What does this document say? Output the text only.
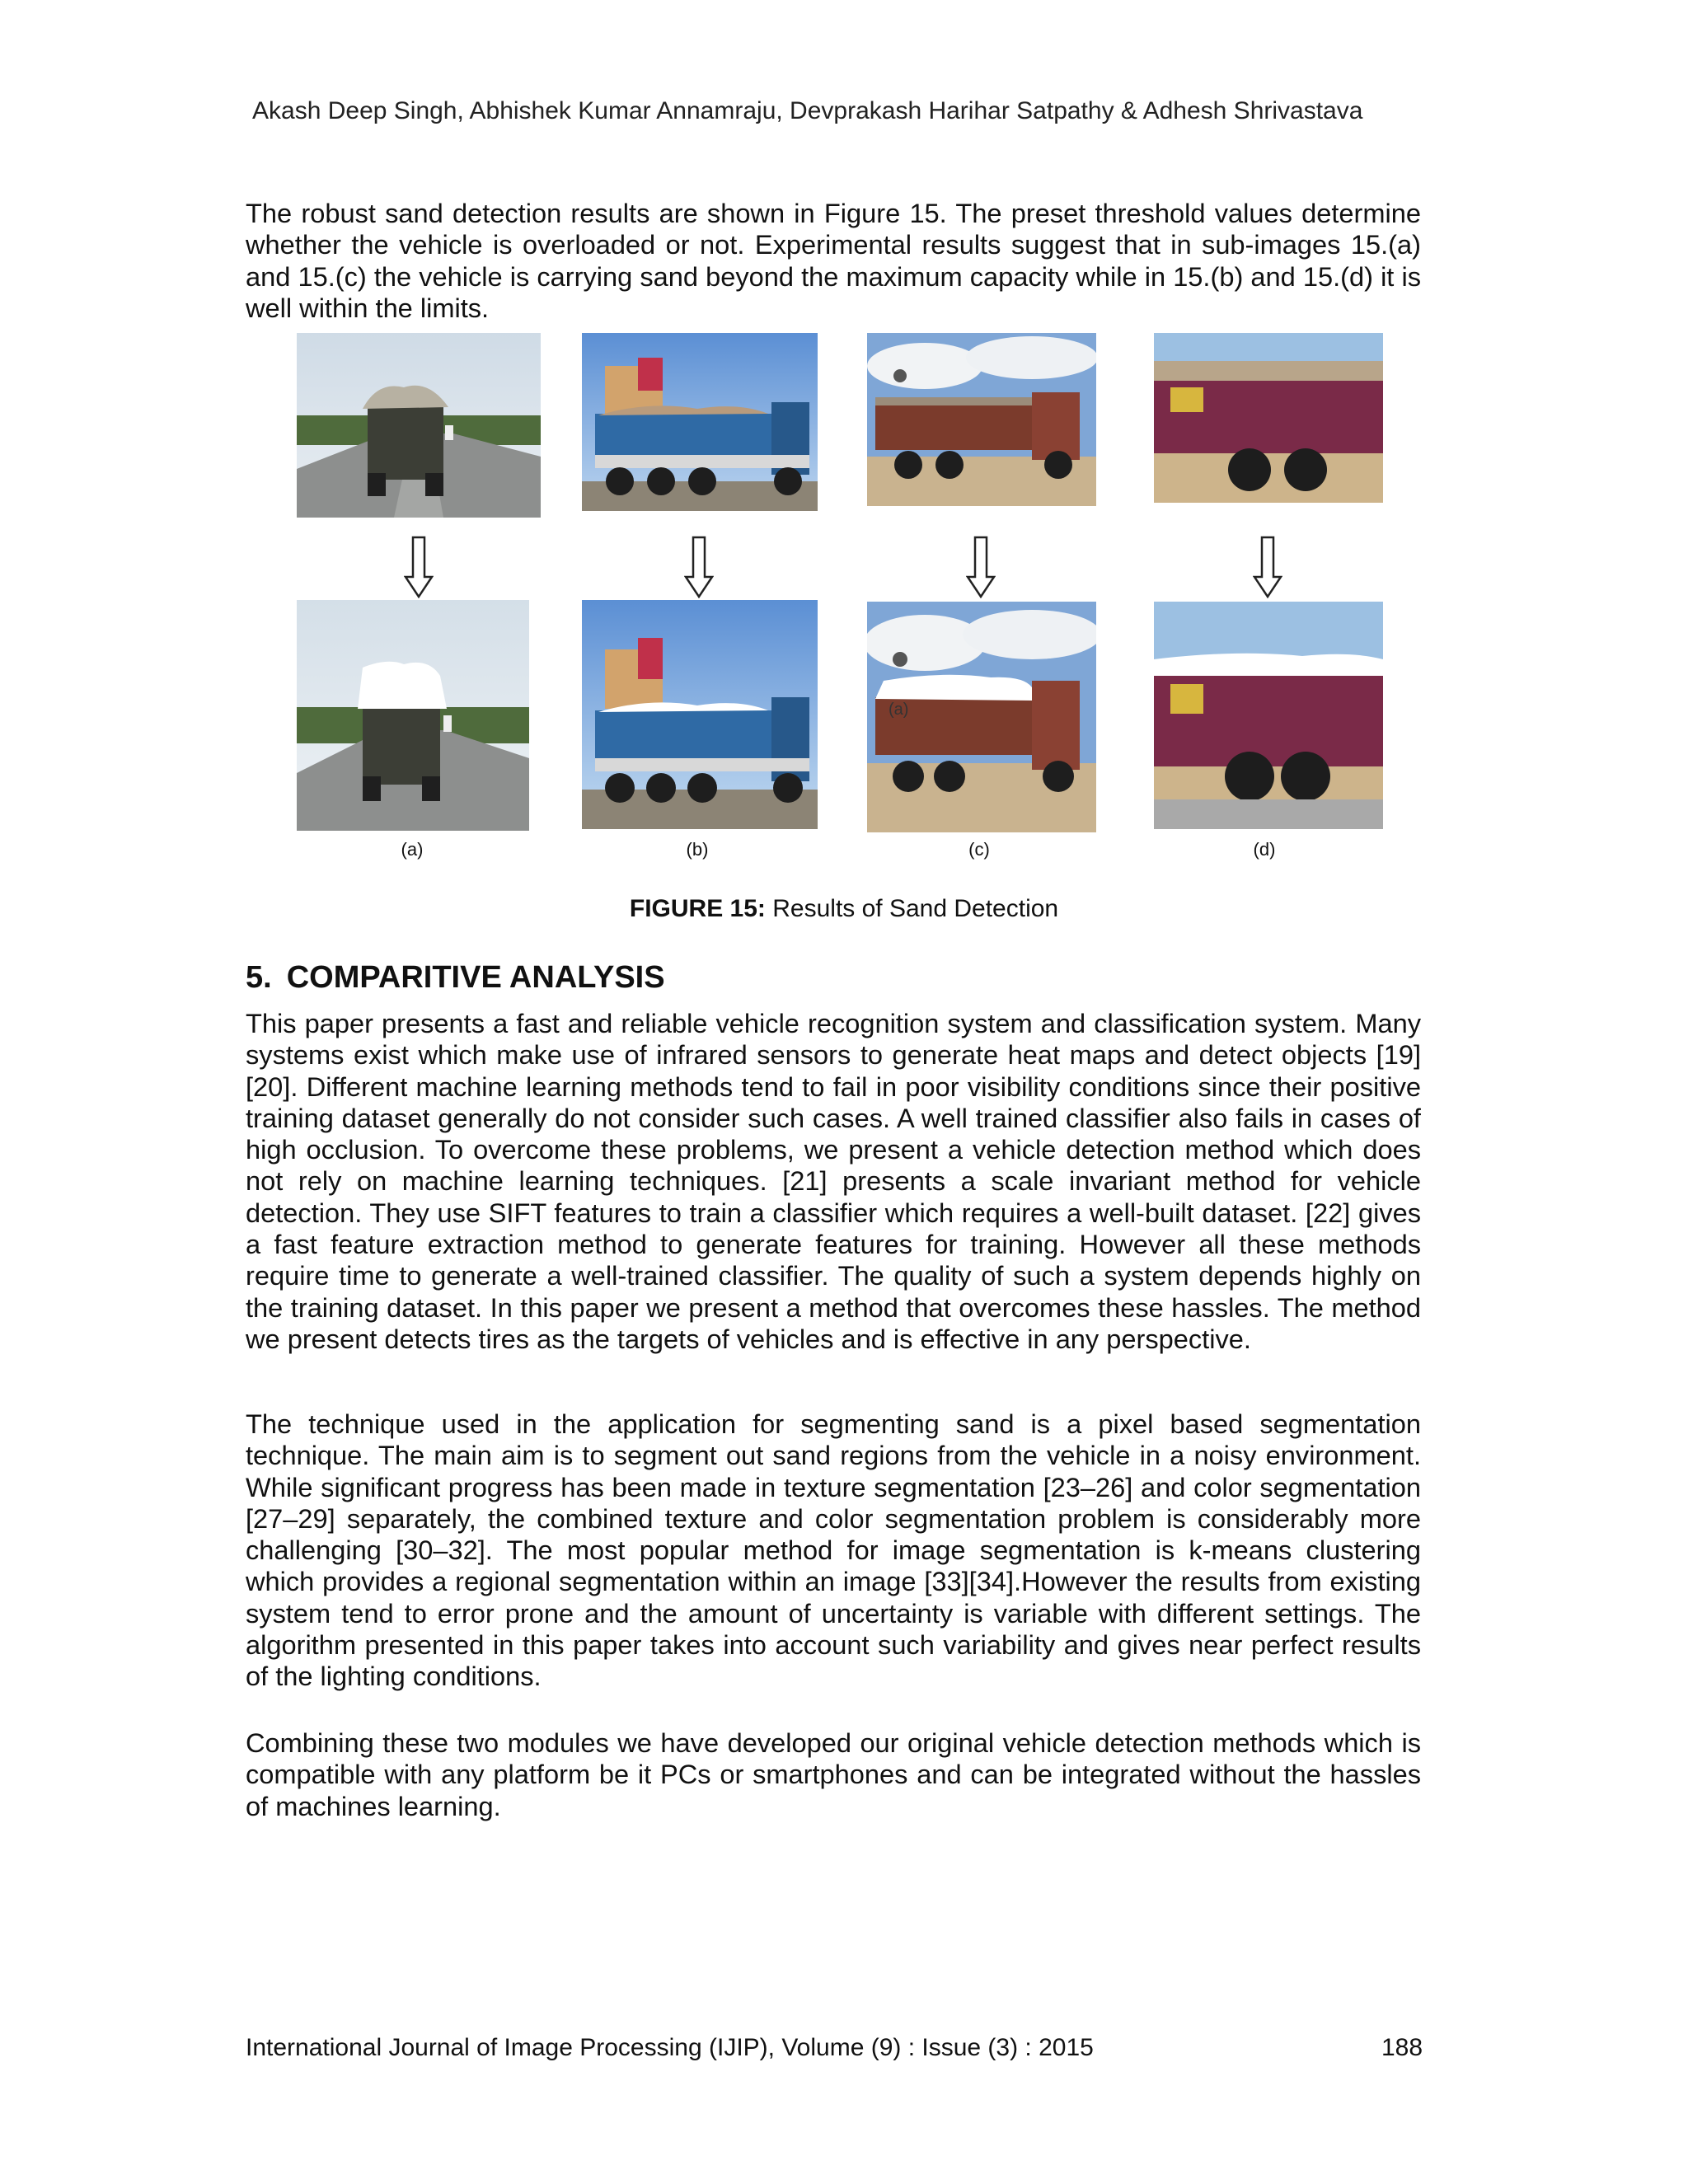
Akash Deep Singh, Abhishek Kumar Annamraju, Devprakash Harihar Satpathy & Adhesh Shrivastava

The robust sand detection results are shown in Figure 15. The preset threshold values determine whether the vehicle is overloaded or not. Experimental results suggest that in sub-images 15.(a) and 15.(c) the vehicle is carrying sand beyond the maximum capacity while in 15.(b) and 15.(d) it is well within the limits.

(a)
(a)	(b)	(c)	(d)
FIGURE 15: Results of Sand Detection
5. COMPARITIVE ANALYSIS

This paper presents a fast and reliable vehicle recognition system and classification system. Many systems exist which make use of infrared sensors to generate heat maps and detect objects [19][20]. Different machine learning methods tend to fail in poor visibility conditions since their positive training dataset generally do not consider such cases. A well trained classifier also fails in cases of high occlusion. To overcome these problems, we present a vehicle detection method which does not rely on machine learning techniques. [21] presents a scale invariant method for vehicle detection. They use SIFT features to train a classifier which requires a well-built dataset. [22] gives a fast feature extraction method to generate features for training. However all these methods require time to generate a well-trained classifier. The quality of such a system depends highly on the training dataset. In this paper we present a method that overcomes these hassles. The method we present detects tires as the targets of vehicles and is effective in any perspective.

The technique used in the application for segmenting sand is a pixel based segmentation technique. The main aim is to segment out sand regions from the vehicle in a noisy environment. While significant progress has been made in texture segmentation [23–26] and color segmentation [27–29] separately, the combined texture and color segmentation problem is considerably more challenging [30–32]. The most popular method for image segmentation is k-means clustering which provides a regional segmentation within an image [33][34].However the results from existing system tend to error prone and the amount of uncertainty is variable with different settings. The algorithm presented in this paper takes into account such variability and gives near perfect results of the lighting conditions.

Combining these two modules we have developed our original vehicle detection methods which is compatible with any platform be it PCs or smartphones and can be integrated without the hassles of machines learning.

International Journal of Image Processing (IJIP), Volume (9) : Issue (3) : 2015	188
